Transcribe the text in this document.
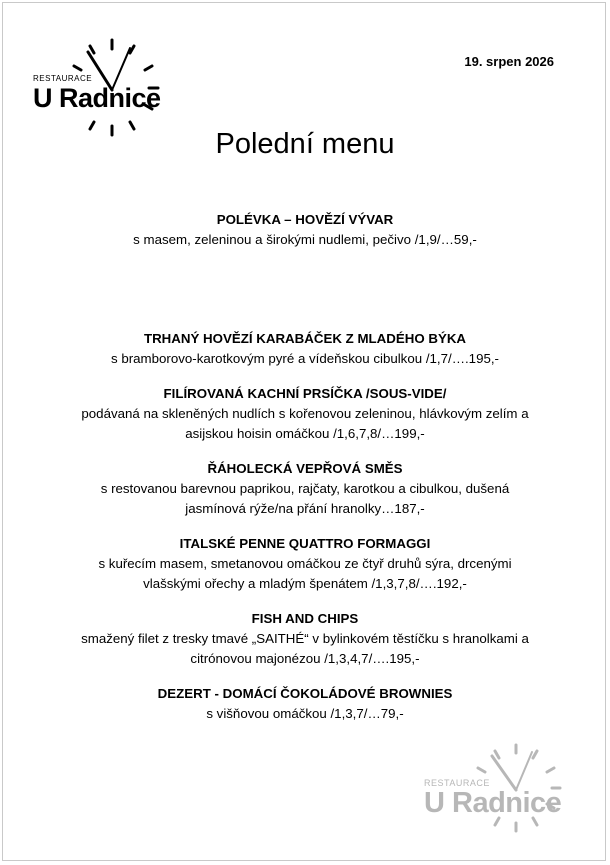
RESTAURACE
U Radnice
19. srpen 2026
Polední menu
POLÉVKA – HOVĚZÍ VÝVAR
s masem, zeleninou a širokými nudlemi, pečivo /1,9/…59,-
TRHANÝ HOVĚZÍ KARABÁČEK Z MLADÉHO BÝKA
s bramborovo-karotkovým pyré a vídeňskou cibulkou /1,7/….195,-
FILÍROVANÁ KACHNÍ PRSÍČKA /SOUS-VIDE/
podávaná na skleněných nudlích s kořenovou zeleninou, hlávkovým zelím a
asijskou hoisin omáčkou /1,6,7,8/…199,-
ŘÁHOLECKÁ VEPŘOVÁ SMĚS
s restovanou barevnou paprikou, rajčaty, karotkou a cibulkou, dušená
jasmínová rýže/na přání hranolky…187,-
ITALSKÉ PENNE QUATTRO FORMAGGI
s kuřecím masem, smetanovou omáčkou ze čtyř druhů sýra, drcenými
vlašskými ořechy a mladým špenátem /1,3,7,8/….192,-
FISH AND CHIPS
smažený filet z tresky tmavé „SAITHÉ“ v bylinkovém těstíčku s hranolkami a
citrónovou majonézou /1,3,4,7/….195,-
DEZERT - DOMÁCÍ ČOKOLÁDOVÉ BROWNIES
s višňovou omáčkou /1,3,7/…79,-
RESTAURACE
U Radnice
